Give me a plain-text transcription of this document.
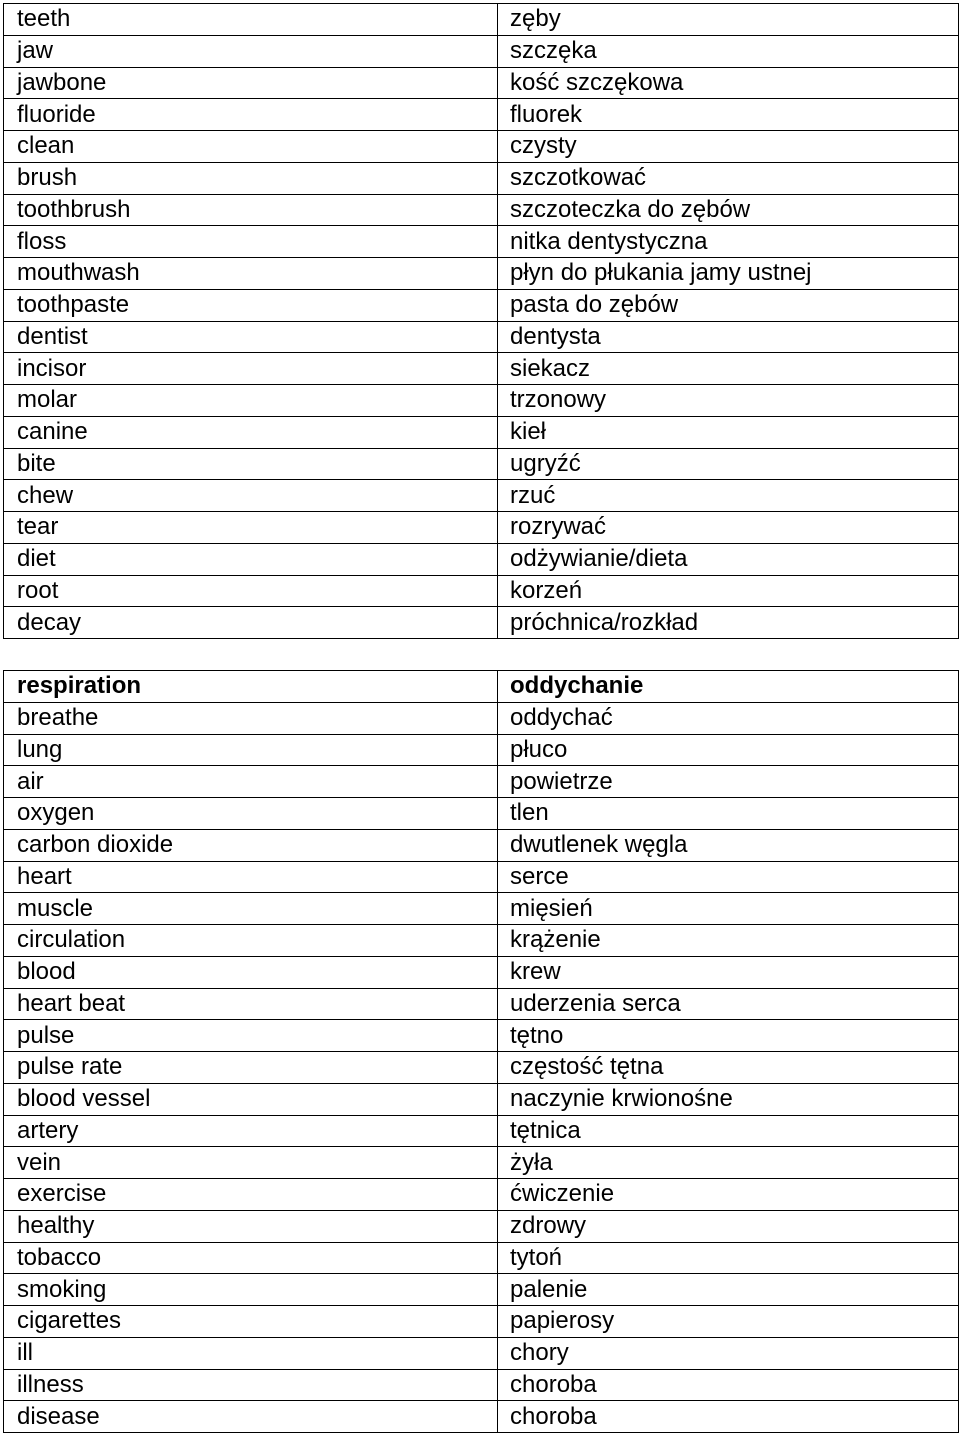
teeth	zęby
jaw	szczęka
jawbone	kość szczękowa
fluoride	fluorek
clean	czysty
brush	szczotkować
toothbrush	szczoteczka do zębów
floss	nitka dentystyczna
mouthwash	płyn do płukania jamy ustnej
toothpaste	pasta do zębów
dentist	dentysta
incisor	siekacz
molar	trzonowy
canine	kieł
bite	ugryźć
chew	rzuć
tear	rozrywać
diet	odżywianie/dieta
root	korzeń
decay	próchnica/rozkład
respiration	oddychanie
breathe	oddychać
lung	płuco
air	powietrze
oxygen	tlen
carbon dioxide	dwutlenek węgla
heart	serce
muscle	mięsień
circulation	krążenie
blood	krew
heart beat	uderzenia serca
pulse	tętno
pulse rate	częstość tętna
blood vessel	naczynie krwionośne
artery	tętnica
vein	żyła
exercise	ćwiczenie
healthy	zdrowy
tobacco	tytoń
smoking	palenie
cigarettes	papierosy
ill	chory
illness	choroba
disease	choroba
